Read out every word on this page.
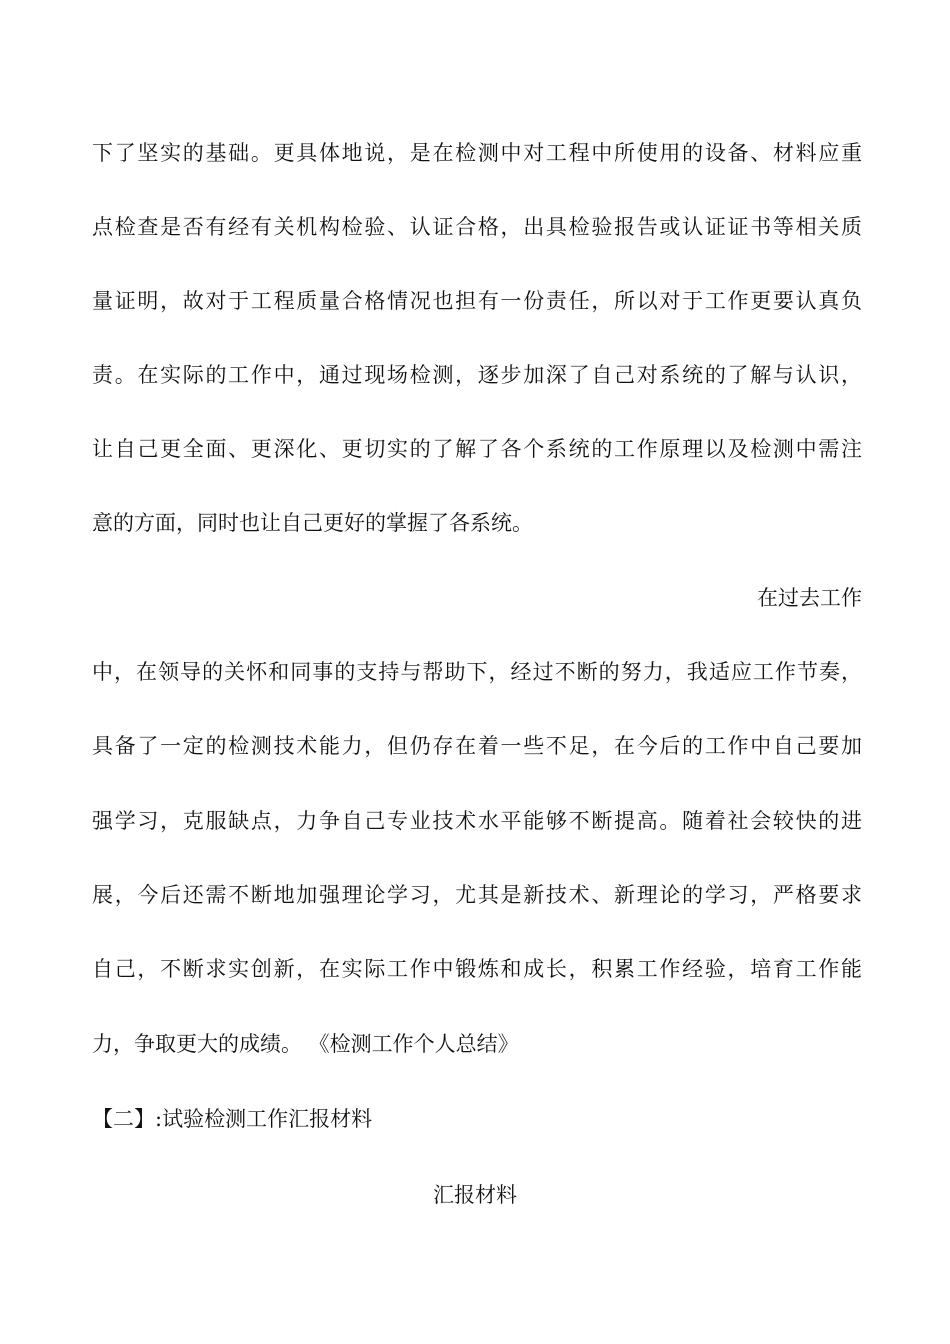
下了坚实的基础。更具体地说，是在检测中对工程中所使用的设备、材料应重
点检查是否有经有关机构检验、认证合格，出具检验报告或认证证书等相关质
量证明，故对于工程质量合格情况也担有一份责任，所以对于工作更要认真负
责。在实际的工作中，通过现场检测，逐步加深了自己对系统的了解与认识，
让自己更全面、更深化、更切实的了解了各个系统的工作原理以及检测中需注
意的方面，同时也让自己更好的掌握了各系统。
在过去工作
中，在领导的关怀和同事的支持与帮助下，经过不断的努力，我适应工作节奏，
具备了一定的检测技术能力，但仍存在着一些不足，在今后的工作中自己要加
强学习，克服缺点，力争自己专业技术水平能够不断提高。随着社会较快的进
展，今后还需不断地加强理论学习，尤其是新技术、新理论的学习，严格要求
自己，不断求实创新，在实际工作中锻炼和成长，积累工作经验，培育工作能
力，争取更大的成绩。 《检测工作个人总结》
【二】:试验检测工作汇报材料
汇报材料
